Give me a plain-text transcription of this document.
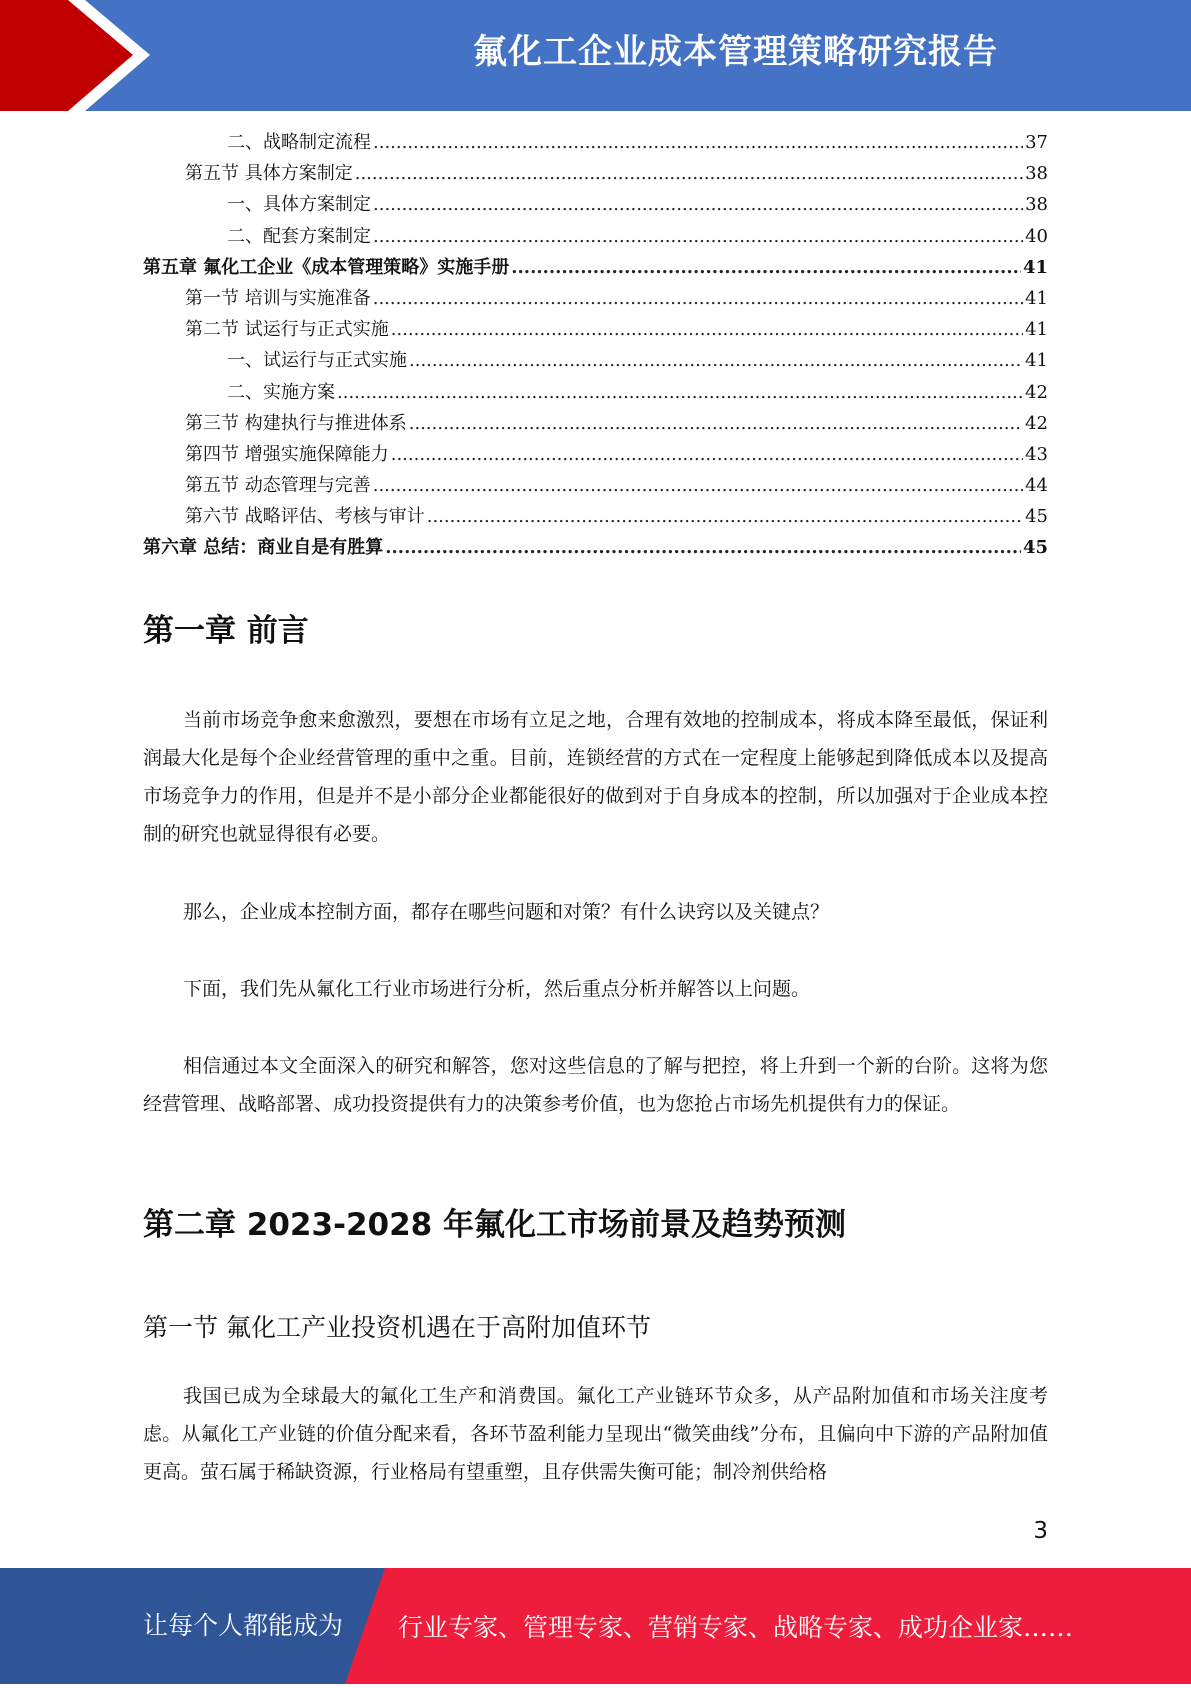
氟化工企业成本管理策略研究报告
二、战略制定流程 .....	37
第五节 具体方案制定 .....	38
一、具体方案制定 .....	38
二、配套方案制定 .....	40
第五章 氟化工企业《成本管理策略》实施手册 .....	41
第一节 培训与实施准备 .....	41
第二节 试运行与正式实施 .....	41
一、试运行与正式实施 .....	41
二、实施方案 .....	42
第三节 构建执行与推进体系 .....	42
第四节 增强实施保障能力 .....	43
第五节 动态管理与完善 .....	44
第六节 战略评估、考核与审计 .....	45
第六章 总结：商业自是有胜算 .....	45
第一章 前言

当前市场竞争愈来愈激烈，要想在市场有立足之地，合理有效地的控制成本，将成本降至最低，保证利润最大化是每个企业经营管理的重中之重。目前，连锁经营的方式在一定程度上能够起到降低成本以及提高市场竞争力的作用，但是并不是小部分企业都能很好的做到对于自身成本的控制，所以加强对于企业成本控制的研究也就显得很有必要。

那么，企业成本控制方面，都存在哪些问题和对策？有什么诀窍以及关键点？

下面，我们先从氟化工行业市场进行分析，然后重点分析并解答以上问题。

相信通过本文全面深入的研究和解答，您对这些信息的了解与把控，将上升到一个新的台阶。这将为您经营管理、战略部署、成功投资提供有力的决策参考价值，也为您抢占市场先机提供有力的保证。

第二章 2023-2028 年氟化工市场前景及趋势预测
第一节 氟化工产业投资机遇在于高附加值环节

我国已成为全球最大的氟化工生产和消费国。氟化工产业链环节众多，从产品附加值和市场关注度考虑。从氟化工产业链的价值分配来看，各环节盈利能力呈现出“微笑曲线”分布，且偏向中下游的产品附加值更高。萤石属于稀缺资源，行业格局有望重塑，且存供需失衡可能；制冷剂供给格

3
让每个人都能成为 行业专家、管理专家、营销专家、战略专家、成功企业家……
